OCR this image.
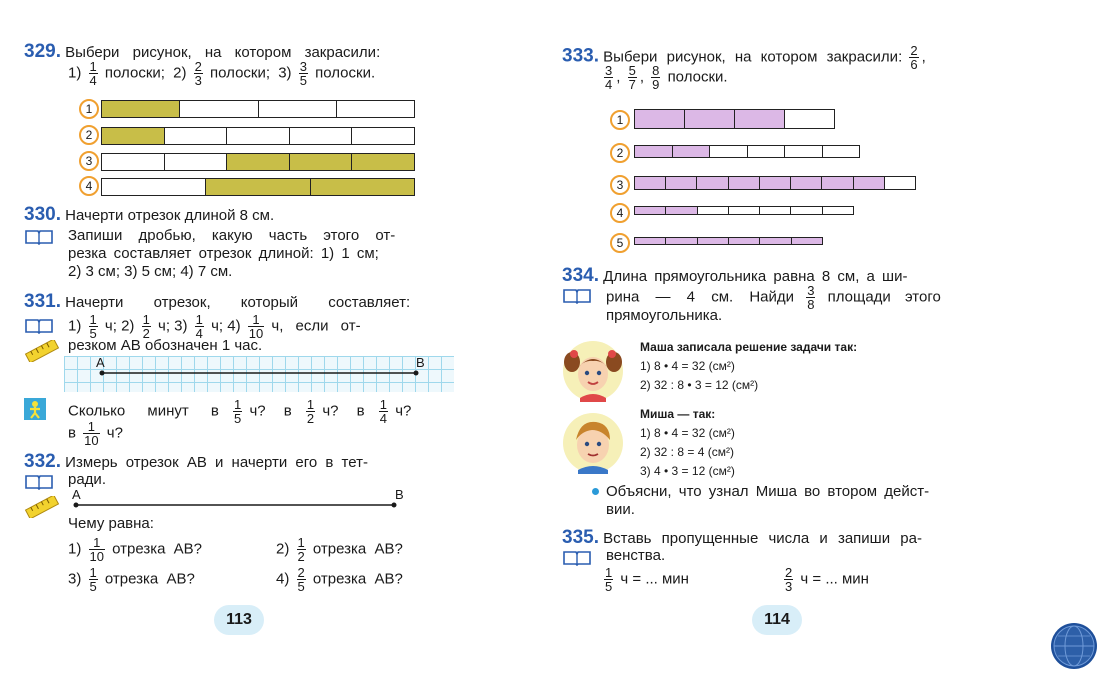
329. Выбери рисунок, на котором закрасили:
$1) \frac{1}{4}$ полоски; $2) \frac{2}{3}$ полоски; $3) \frac{3}{5}$ полоски.
1
2
3
4
330. Начерти отрезок длиной 8 см.
Запиши дробью, какую часть этого от-
резка составляет отрезок длиной: 1) 1 см;
2) 3 см; 3) 5 см; 4) 7 см.
331. Начерти отрезок, который составляет:
$1) \frac{1}{5} ч$; $2) \frac{1}{2} ч$; $3) \frac{1}{4} ч$; $4) \frac{1}{10} ч$, если от-
резком АВ обозначен 1 час.
А	В
Сколько минут в $\frac{1}{5} ч$? в $\frac{1}{2} ч$? в $\frac{1}{4} ч$?
в $\frac{1}{10} ч$?
332. Измерь отрезок АВ и начерти его в тет-
ради.
А	В
Чему равна:
$1) \frac{1}{10}$ отрезка АВ?	$2) \frac{1}{2}$ отрезка АВ?
$3) \frac{1}{5}$ отрезка АВ?	$4) \frac{2}{5}$ отрезка АВ?
113
333. Выбери рисунок, на котором закрасили: $\frac{2}{6}$ ,
$\frac{3}{4}$ , $\frac{5}{7}$ , $\frac{8}{9}$ полоски.
1
2
3
4
5
334. Длина прямоугольника равна 8 см, а ши-
рина — 4 см. Найди $\frac{3}{8}$ площади этого
прямоугольника.
Маша записала решение задачи так:
1) 8 • 4 = 32 (см²)
2) 32 : 8 • 3 = 12 (см²)
Миша — так:
1) 8 • 4 = 32 (см²)
2) 32 : 8 = 4 (см²)
3) 4 • 3 = 12 (см²)
Объясни, что узнал Миша во втором дейст-
вии.
335. Вставь пропущенные числа и запиши ра-
венства.
$\frac{1}{5}$ ч = ... мин	$\frac{2}{3}$ ч = ... мин
114
